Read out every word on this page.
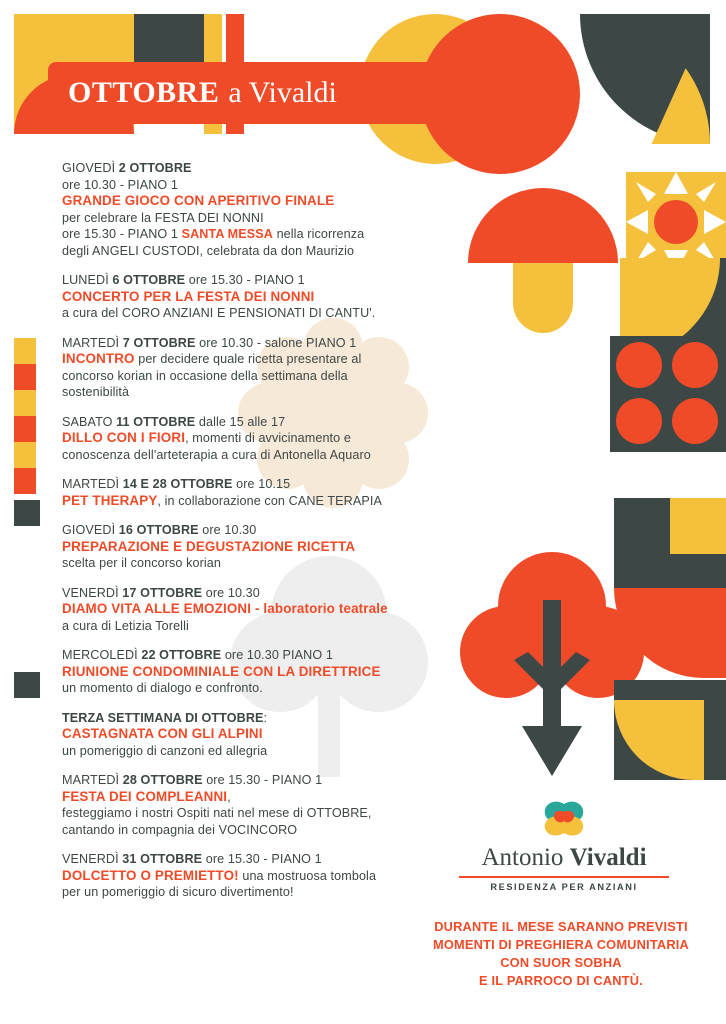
OTTOBRE a Vivaldi
GIOVEDÌ 2 OTTOBRE
ore 10.30 - PIANO 1
GRANDE GIOCO CON APERITIVO FINALE
per celebrare la FESTA DEI NONNI
ore 15.30 - PIANO 1 SANTA MESSA nella ricorrenza
degli ANGELI CUSTODI, celebrata da don Maurizio
LUNEDÌ 6 OTTOBRE ore 15.30 - PIANO 1
CONCERTO PER LA FESTA DEI NONNI
a cura del CORO ANZIANI E PENSIONATI DI CANTU'.
MARTEDÌ 7 OTTOBRE ore 10.30 - salone PIANO 1
INCONTRO per decidere quale ricetta presentare al
concorso korian in occasione della settimana della
sostenibilità
SABATO 11 OTTOBRE dalle 15 alle 17
DILLO CON I FIORI, momenti di avvicinamento e
conoscenza dell'arteterapia a cura di Antonella Aquaro
MARTEDÌ 14 E 28 OTTOBRE ore 10.15
PET THERAPY, in collaborazione con CANE TERAPIA
GIOVEDÌ 16 OTTOBRE ore 10.30
PREPARAZIONE E DEGUSTAZIONE RICETTA
scelta per il concorso korian
VENERDÌ 17 OTTOBRE ore 10.30
DIAMO VITA ALLE EMOZIONI - laboratorio teatrale
a cura di Letizia Torelli
MERCOLEDÌ 22 OTTOBRE ore 10.30 PIANO 1
RIUNIONE CONDOMINIALE CON LA DIRETTRICE
un momento di dialogo e confronto.
TERZA SETTIMANA DI OTTOBRE:
CASTAGNATA CON GLI ALPINI
un pomeriggio di canzoni ed allegria
MARTEDÌ 28 OTTOBRE ore 15.30 - PIANO 1
FESTA DEI COMPLEANNI,
festeggiamo i nostri Ospiti nati nel mese di OTTOBRE,
cantando in compagnia dei VOCINCORO
VENERDÌ 31 OTTOBRE ore 15.30 - PIANO 1
DOLCETTO O PREMIETTO! una mostruosa tombola
per un pomeriggio di sicuro divertimento!
Antonio Vivaldi
RESIDENZA PER ANZIANI
DURANTE IL MESE SARANNO PREVISTI
MOMENTI DI PREGHIERA COMUNITARIA
CON SUOR SOBHA
E IL PARROCO DI CANTÙ.
